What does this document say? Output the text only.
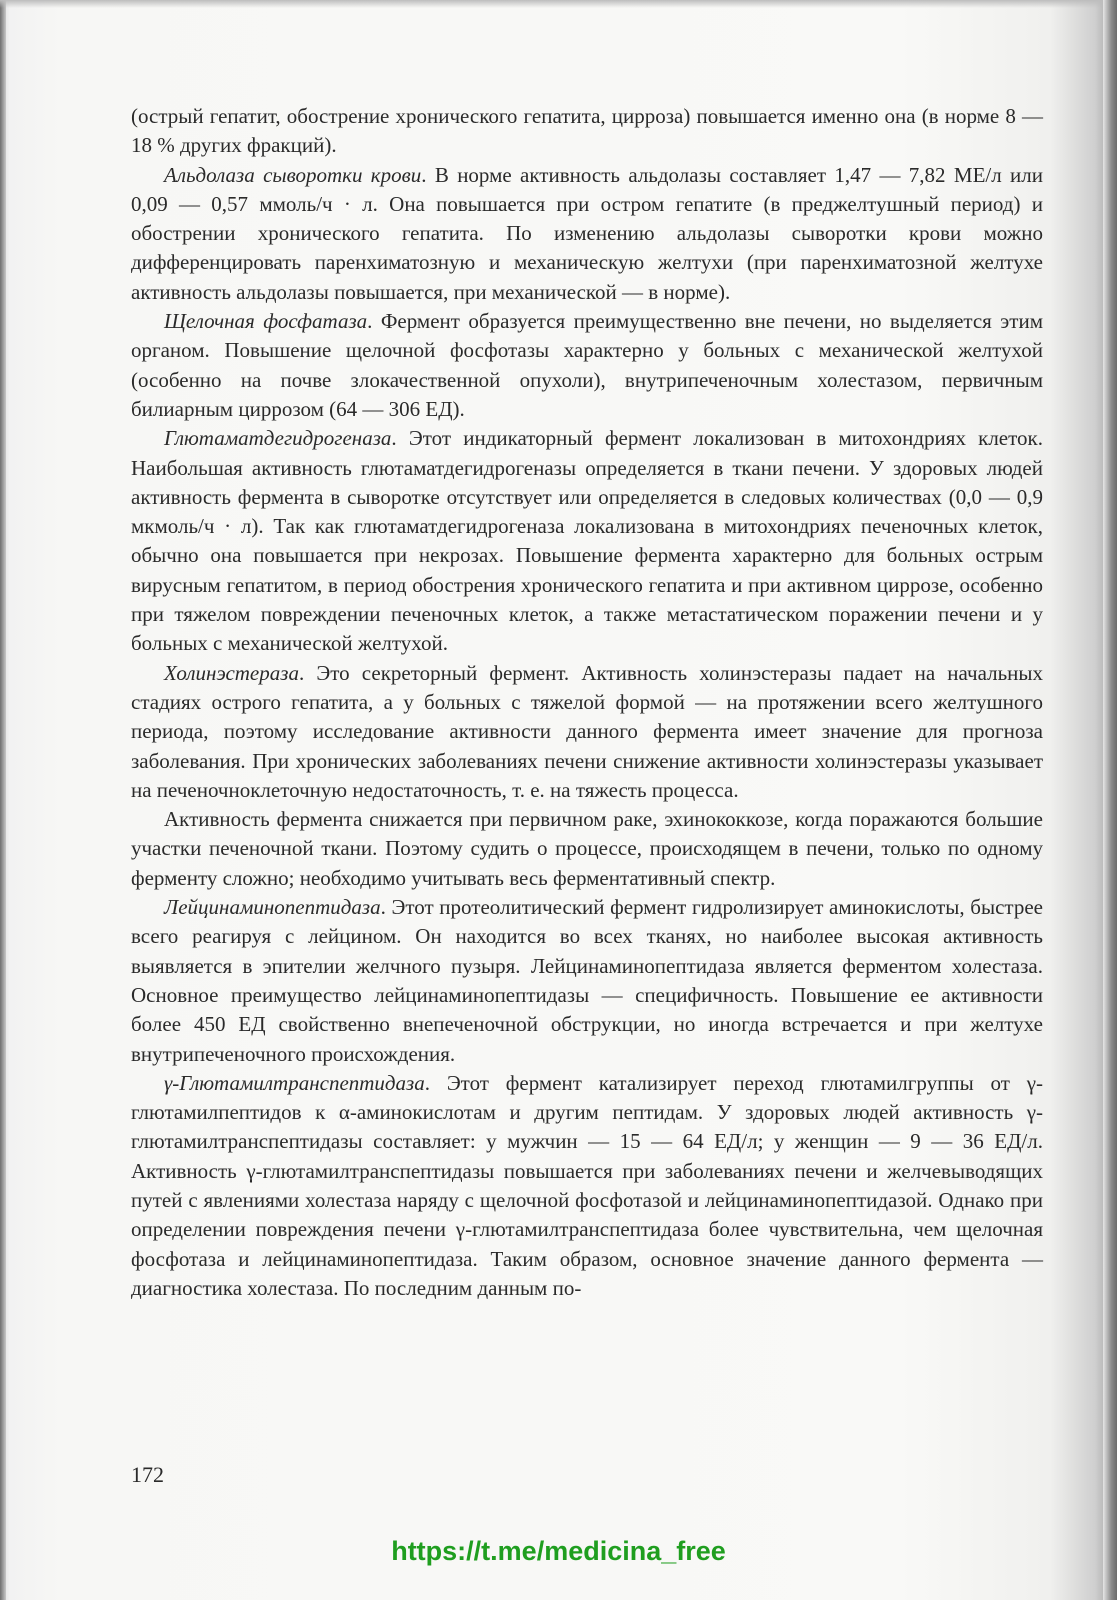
(острый гепатит, обострение хронического гепатита, цирроза) повышается именно она (в норме 8 — 18 % других фракций).

Альдолаза сыворотки крови. В норме активность альдолазы составляет 1,47 — 7,82 МЕ/л или 0,09 — 0,57 ммоль/ч · л. Она повышается при остром гепатите (в преджелтушный период) и обострении хронического гепатита. По изменению альдолазы сыворотки крови можно дифференцировать паренхиматозную и механическую желтухи (при паренхиматозной желтухе активность альдолазы повышается, при механической — в норме).

Щелочная фосфатаза. Фермент образуется преимущественно вне печени, но выделяется этим органом. Повышение щелочной фосфотазы характерно у больных с механической желтухой (особенно на почве злокачественной опухоли), внутрипеченочным холестазом, первичным билиарным циррозом (64 — 306 ЕД).

Глютаматдегидрогеназа. Этот индикаторный фермент локализован в митохондриях клеток. Наибольшая активность глютаматдегидрогеназы определяется в ткани печени. У здоровых людей активность фермента в сыворотке отсутствует или определяется в следовых количествах (0,0 — 0,9 мкмоль/ч · л). Так как глютаматдегидрогеназа локализована в митохондриях печеночных клеток, обычно она повышается при некрозах. Повышение фермента характерно для больных острым вирусным гепатитом, в период обострения хронического гепатита и при активном циррозе, особенно при тяжелом повреждении печеночных клеток, а также метастатическом поражении печени и у больных с механической желтухой.

Холинэстераза. Это секреторный фермент. Активность холинэстеразы падает на начальных стадиях острого гепатита, а у больных с тяжелой формой — на протяжении всего желтушного периода, поэтому исследование активности данного фермента имеет значение для прогноза заболевания. При хронических заболеваниях печени снижение активности холинэстеразы указывает на печеночноклеточную недостаточность, т. е. на тяжесть процесса.

Активность фермента снижается при первичном раке, эхинококкозе, когда поражаются большие участки печеночной ткани. Поэтому судить о процессе, происходящем в печени, только по одному ферменту сложно; необходимо учитывать весь ферментативный спектр.

Лейцинаминопептидаза. Этот протеолитический фермент гидролизирует аминокислоты, быстрее всего реагируя с лейцином. Он находится во всех тканях, но наиболее высокая активность выявляется в эпителии желчного пузыря. Лейцинаминопептидаза является ферментом холестаза. Основное преимущество лейцинаминопептидазы — специфичность. Повышение ее активности более 450 ЕД свойственно внепеченочной обструкции, но иногда встречается и при желтухе внутрипеченочного происхождения.

γ-Глютамилтранспептидаза. Этот фермент катализирует переход глютамилгруппы от γ-глютамилпептидов к α-аминокислотам и другим пептидам. У здоровых людей активность γ-глютамилтранспептидазы составляет: у мужчин — 15 — 64 ЕД/л; у женщин — 9 — 36 ЕД/л. Активность γ-глютамилтранспептидазы повышается при заболеваниях печени и желчевыводящих путей с явлениями холестаза наряду с щелочной фосфотазой и лейцинаминопептидазой. Однако при определении повреждения печени γ-глютамилтранспептидаза более чувствительна, чем щелочная фосфотаза и лейцинаминопептидаза. Таким образом, основное значение данного фермента — диагностика холестаза. По последним данным по-

172
https://t.me/medicina_free
